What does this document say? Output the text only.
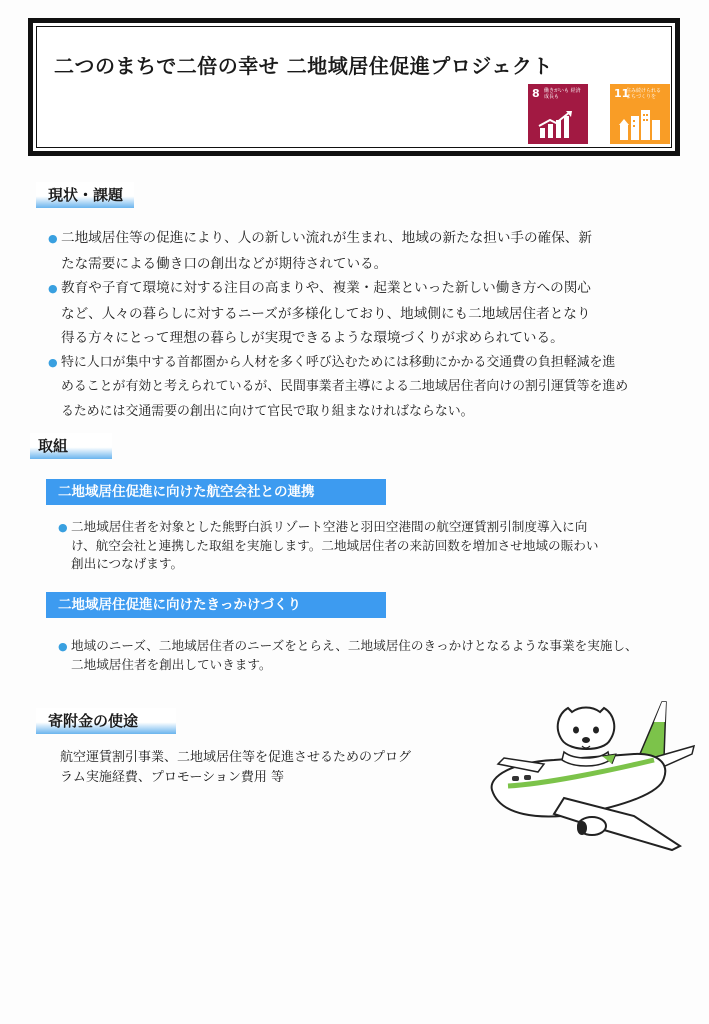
二つのまちで二倍の幸せ 二地域居住促進プロジェクト
8 働きがいも 経済成長も	11
住み続けられる まちづくりを
現状・課題
● 二地域居住等の促進により、人の新しい流れが生まれ、地域の新たな担い手の確保、新
たな需要による働き口の創出などが期待されている。
● 教育や子育て環境に対する注目の高まりや、複業・起業といった新しい働き方への関心
など、人々の暮らしに対するニーズが多様化しており、地域側にも二地域居住者となり
得る方々にとって理想の暮らしが実現できるような環境づくりが求められている。
● 特に人口が集中する首都圏から人材を多く呼び込むためには移動にかかる交通費の負担軽減を進
めることが有効と考えられているが、民間事業者主導による二地域居住者向けの割引運賃等を進め
るためには交通需要の創出に向けて官民で取り組まなければならない。
取組
二地域居住促進に向けた航空会社との連携
● 二地域居住者を対象とした熊野白浜リゾート空港と羽田空港間の航空運賃割引制度導入に向
け、航空会社と連携した取組を実施します。二地域居住者の来訪回数を増加させ地域の賑わい
創出につなげます。
二地域居住促進に向けたきっかけづくり
● 地域のニーズ、二地域居住者のニーズをとらえ、二地域居住のきっかけとなるような事業を実施し、
二地域居住者を創出していきます。
寄附金の使途
航空運賃割引事業、二地域居住等を促進させるためのプログ
ラム実施経費、プロモーション費用 等
